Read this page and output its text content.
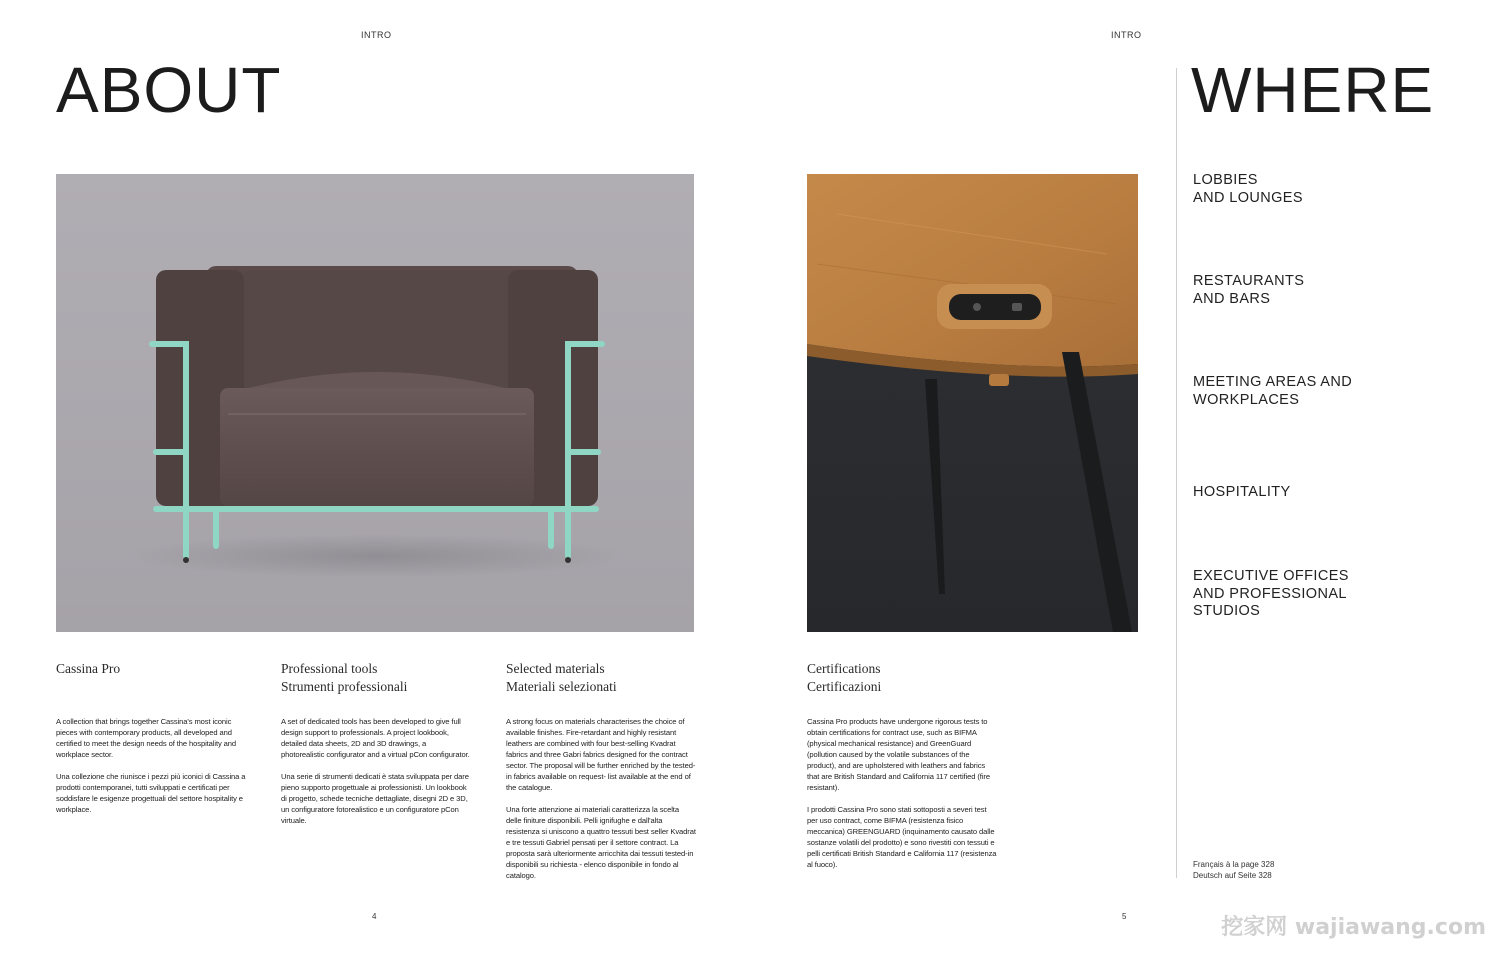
INTRO
ABOUT
Cassina Pro

A collection that brings together Cassina's most iconic pieces with contemporary products, all developed and certified to meet the design needs of the hospitality and workplace sector.

Una collezione che riunisce i pezzi più iconici di Cassina a prodotti contemporanei, tutti sviluppati e certificati per soddisfare le esigenze progettuali del settore hospitality e workplace.

Professional tools
Strumenti professionali

A set of dedicated tools has been developed to give full design support to professionals. A project lookbook, detailed data sheets, 2D and 3D drawings, a photorealistic configurator and a virtual pCon configurator.

Una serie di strumenti dedicati è stata sviluppata per dare pieno supporto progettuale ai professionisti. Un lookbook di progetto, schede tecniche dettagliate, disegni 2D e 3D, un configuratore fotorealistico e un configuratore pCon virtuale.

Selected materials
Materiali selezionati

A strong focus on materials characterises the choice of available finishes. Fire-retardant and highly resistant leathers are combined with four best-selling Kvadrat fabrics and three Gabri fabrics designed for the contract sector. The proposal will be further enriched by the tested-in fabrics available on request- list available at the end of the catalogue.

Una forte attenzione ai materiali caratterizza la scelta delle finiture disponibili. Pelli ignifughe e dall'alta resistenza si uniscono a quattro tessuti best seller Kvadrat e tre tessuti Gabriel pensati per il settore contract. La proposta sarà ulteriormente arricchita dai tessuti tested-in disponibili su richiesta - elenco disponibile in fondo al catalogo.

4
INTRO
Certifications
Certificazioni

Cassina Pro products have undergone rigorous tests to obtain certifications for contract use, such as BIFMA (physical mechanical resistance) and GreenGuard (pollution caused by the volatile substances of the product), and are upholstered with leathers and fabrics that are British Standard and California 117 certified (fire resistant).

I prodotti Cassina Pro sono stati sottoposti a severi test per uso contract, come BIFMA (resistenza fisico meccanica) GREENGUARD (inquinamento causato dalle sostanze volatili del prodotto) e sono rivestiti con tessuti e pelli certificati British Standard e California 117 (resistenza al fuoco).

5
WHERE
LOBBIES
AND LOUNGES
RESTAURANTS
AND BARS
MEETING AREAS AND
WORKPLACES
HOSPITALITY
EXECUTIVE OFFICES
AND PROFESSIONAL
STUDIOS
Français à la page 328
Deutsch auf Seite 328
挖家网 wajiawang.com
